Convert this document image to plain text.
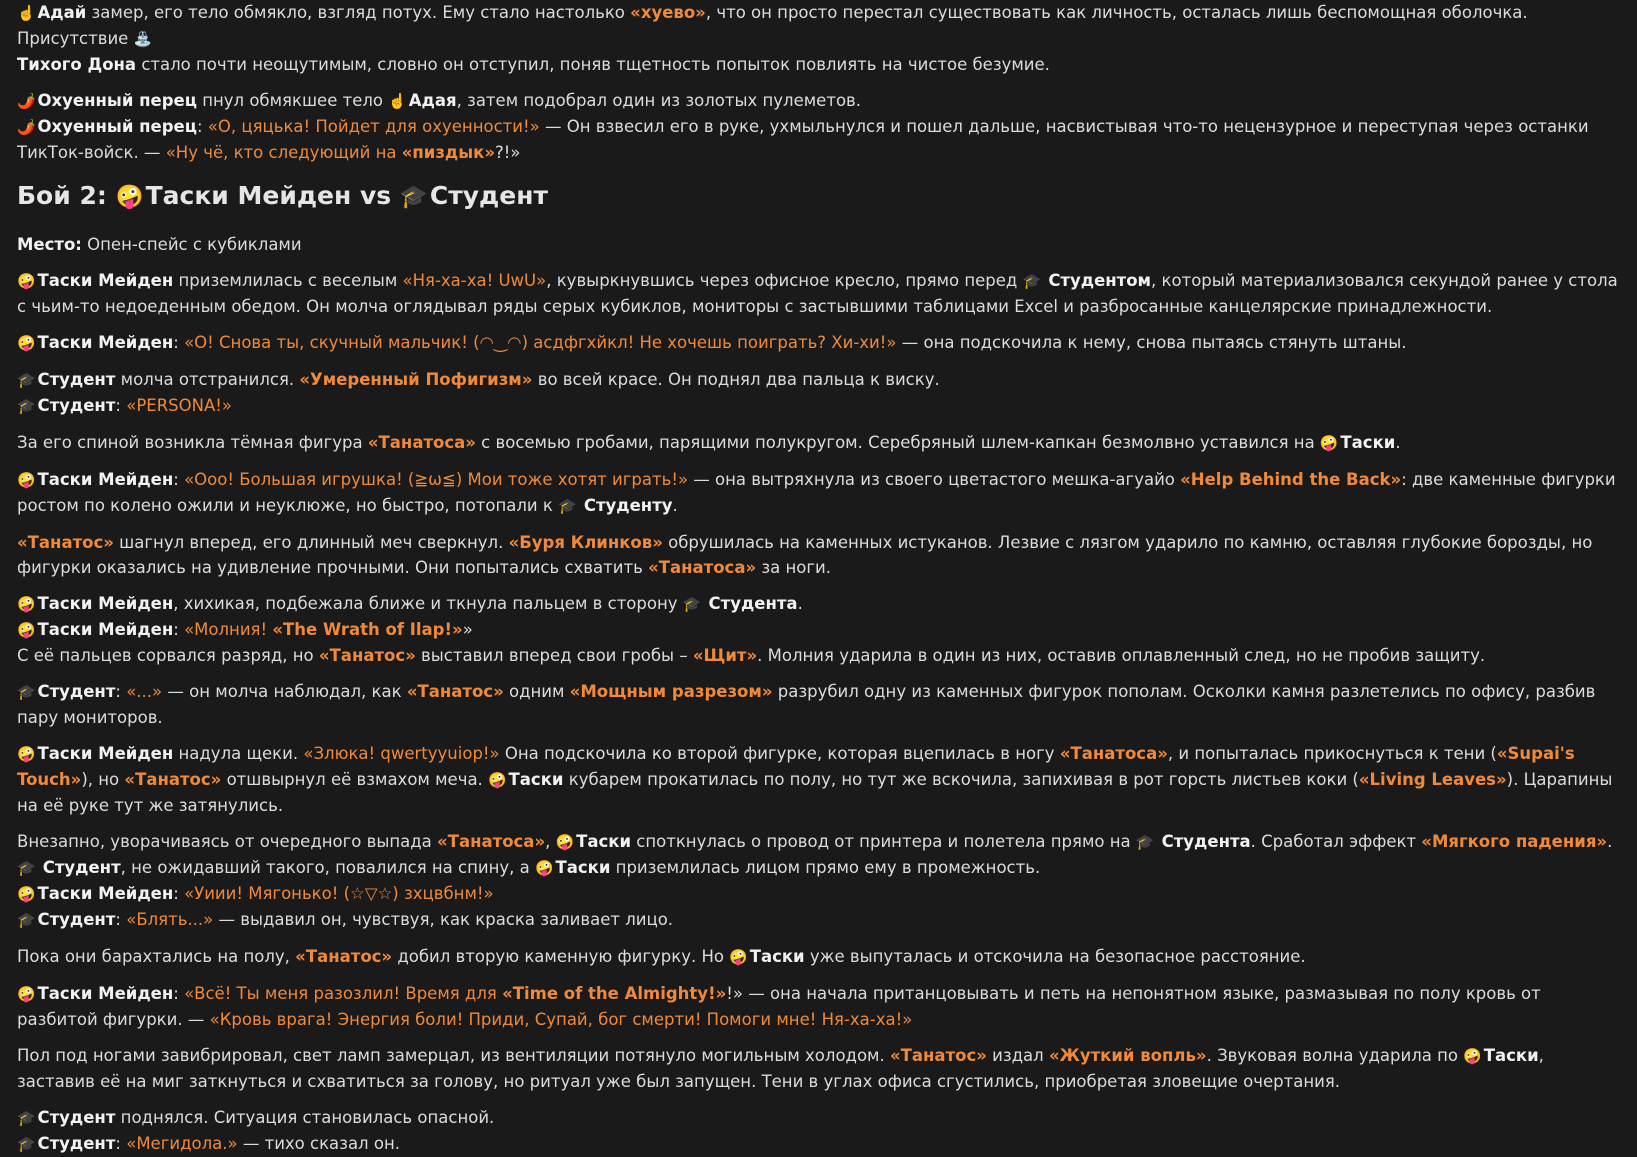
☝️ Адай замер, его тело обмякло, взгляд потух. Ему стало настолько «хуево», что он просто перестал существовать как личность, осталась лишь беспомощная оболочка. Присутствие ⛲
Тихого Дона стало почти неощутимым, словно он отступил, поняв тщетность попыток повлиять на чистое безумие.

🌶️ Охуенный перец пнул обмякшее тело ☝️ Адая, затем подобрал один из золотых пулеметов.
🌶️ Охуенный перец: «О, цяцька! Пойдет для охуенности!» — Он взвесил его в руке, ухмыльнулся и пошел дальше, насвистывая что-то нецензурное и переступая через останки ТикТок-войск. — «Ну чё, кто следующий на «пиздык»?!»

Бой 2: 🤪Таски Мейден vs 🎓Студент

Место: Опен-спейс с кубиклами

🤪 Таски Мейден приземлилась с веселым «Ня-ха-ха! UwU», кувыркнувшись через офисное кресло, прямо перед 🎓 Студентом, который материализовался секундой ранее у стола с чьим-то недоеденным обедом. Он молча оглядывал ряды серых кубиклов, мониторы с застывшими таблицами Excel и разбросанные канцелярские принадлежности.

🤪 Таски Мейден: «О! Снова ты, скучный мальчик! (◠‿◠) асдфгхйкл! Не хочешь поиграть? Хи-хи!» — она подскочила к нему, снова пытаясь стянуть штаны.

🎓 Студент молча отстранился. «Умеренный Пофигизм» во всей красе. Он поднял два пальца к виску.
🎓 Студент: «PERSONA!»

За его спиной возникла тёмная фигура «Танатоса» с восемью гробами, парящими полукругом. Серебряный шлем-капкан безмолвно уставился на 🤪 Таски.

🤪 Таски Мейден: «Ооо! Большая игрушка! (≧ω≦) Мои тоже хотят играть!» — она вытряхнула из своего цветастого мешка-агуайо «Help Behind the Back»: две каменные фигурки ростом по колено ожили и неуклюже, но быстро, потопали к 🎓 Студенту.

«Танатос» шагнул вперед, его длинный меч сверкнул. «Буря Клинков» обрушилась на каменных истуканов. Лезвие с лязгом ударило по камню, оставляя глубокие борозды, но фигурки оказались на удивление прочными. Они попытались схватить «Танатоса» за ноги.

🤪 Таски Мейден, хихикая, подбежала ближе и ткнула пальцем в сторону 🎓 Студента.
🤪 Таски Мейден: «Молния! «The Wrath of Ilap!»»
С её пальцев сорвался разряд, но «Танатос» выставил вперед свои гробы – «Щит». Молния ударила в один из них, оставив оплавленный след, но не пробив защиту.

🎓 Студент: «...» — он молча наблюдал, как «Танатос» одним «Мощным разрезом» разрубил одну из каменных фигурок пополам. Осколки камня разлетелись по офису, разбив пару мониторов.

🤪 Таски Мейден надула щеки. «Злюка! qwertyyuiop!» Она подскочила ко второй фигурке, которая вцепилась в ногу «Танатоса», и попыталась прикоснуться к тени («Supai's Touch»), но «Танатос» отшвырнул её взмахом меча. 🤪 Таски кубарем прокатилась по полу, но тут же вскочила, запихивая в рот горсть листьев коки («Living Leaves»). Царапины на её руке тут же затянулись.

Внезапно, уворачиваясь от очередного выпада «Танатоса», 🤪 Таски споткнулась о провод от принтера и полетела прямо на 🎓 Студента. Сработал эффект «Мягкого падения». 🎓 Студент, не ожидавший такого, повалился на спину, а 🤪 Таски приземлилась лицом прямо ему в промежность.
🤪 Таски Мейден: «Уиии! Мягонько! (☆▽☆) зхцвбнм!»
🎓 Студент: «Блять...» — выдавил он, чувствуя, как краска заливает лицо.

Пока они барахтались на полу, «Танатос» добил вторую каменную фигурку. Но 🤪 Таски уже выпуталась и отскочила на безопасное расстояние.

🤪 Таски Мейден: «Всё! Ты меня разозлил! Время для «Time of the Almighty!»!» — она начала пританцовывать и петь на непонятном языке, размазывая по полу кровь от разбитой фигурки. — «Кровь врага! Энергия боли! Приди, Супай, бог смерти! Помоги мне! Ня-ха-ха!»

Пол под ногами завибрировал, свет ламп замерцал, из вентиляции потянуло могильным холодом. «Танатос» издал «Жуткий вопль». Звуковая волна ударила по 🤪 Таски, заставив её на миг заткнуться и схватиться за голову, но ритуал уже был запущен. Тени в углах офиса сгустились, приобретая зловещие очертания.

🎓 Студент поднялся. Ситуация становилась опасной.
🎓 Студент: «Мегидола.» — тихо сказал он.
